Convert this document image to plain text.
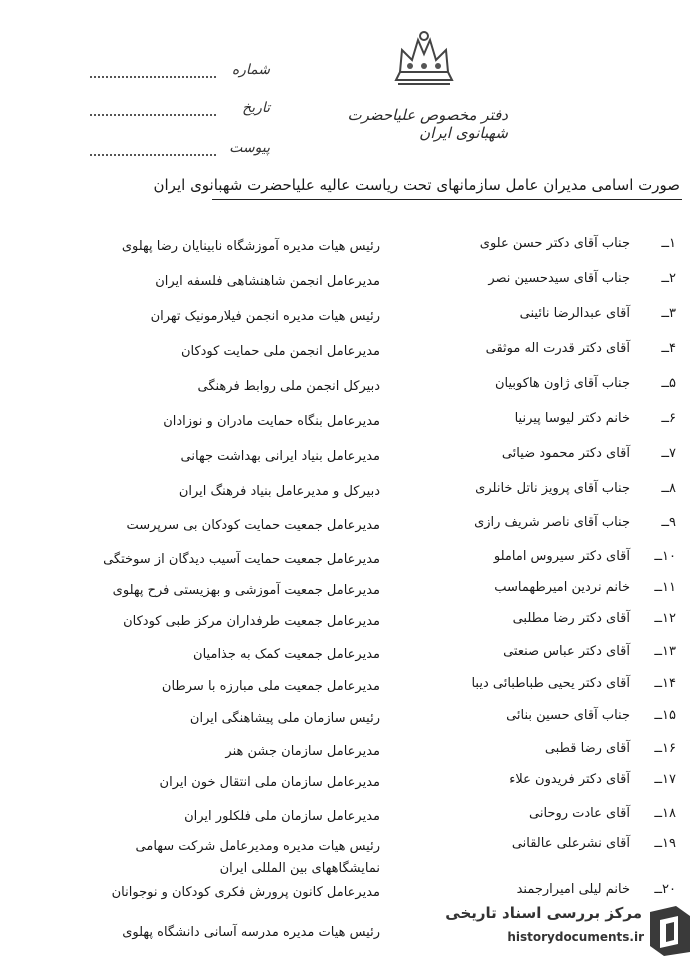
دفتر مخصوص علیاحضرت شهبانوی ایران
شماره
تاریخ
پیوست
صورت اسامی مدیران عامل سازمانهای تحت ریاست عالیه علیاحضرت شهبانوی ایران
۱ــ
جناب آقای دکتر حسن علوی
رئیس هیات مدیره آموزشگاه نابینایان رضا پهلوی
۲ــ
جناب آقای سیدحسین نصر
مدیرعامل انجمن شاهنشاهی فلسفه ایران
۳ــ
آقای عبدالرضا نائینی
رئیس هیات مدیره انجمن فیلارمونیک تهران
۴ــ
آقای دکتر قدرت اله موثقی
مدیرعامل انجمن ملی حمایت کودکان
۵ــ
جناب آقای ژاون هاکوبیان
دبیرکل انجمن ملی روابط فرهنگی
۶ــ
خانم دکتر لیوسا پیرنیا
مدیرعامل بنگاه حمایت مادران و نوزادان
۷ــ
آقای دکتر محمود ضیائی
مدیرعامل بنیاد ایرانی بهداشت جهانی
۸ــ
جناب آقای پرویز ناتل خانلری
دبیرکل و مدیرعامل بنیاد فرهنگ ایران
۹ــ
جناب آقای ناصر شریف رازی
مدیرعامل جمعیت حمایت کودکان بی سرپرست
۱۰ــ
آقای دکتر سیروس اماملو
مدیرعامل جمعیت حمایت آسیب دیدگان از سوختگی
۱۱ــ
خانم نردین امیرطهماسب
مدیرعامل جمعیت آموزشی و بهزیستی فرح پهلوی
۱۲ــ
آقای دکتر رضا مطلبی
مدیرعامل جمعیت طرفداران مرکز طبی کودکان
۱۳ــ
آقای دکتر عباس صنعتی
مدیرعامل جمعیت کمک به جذامیان
۱۴ــ
آقای دکتر یحیی طباطبائی دیبا
مدیرعامل جمعیت ملی مبارزه با سرطان
۱۵ــ
جناب آقای حسین بنائی
رئیس سازمان ملی پیشاهنگی ایران
۱۶ــ
آقای رضا قطبی
مدیرعامل سازمان جشن هنر
۱۷ــ
آقای دکتر فریدون علاء
مدیرعامل سازمان ملی انتقال خون ایران
۱۸ــ
آقای عادت روحانی
مدیرعامل سازمان ملی فلکلور ایران
۱۹ــ
آقای نشرعلی عالقانی
رئیس هیات مدیره ومدیرعامل شرکت سهامی نمایشگاههای بین المللی ایران
۲۰ــ
خانم لیلی امیرارجمند
مدیرعامل کانون پرورش فکری کودکان و نوجوانان
رئیس هیات مدیره مدرسه آسانی دانشگاه پهلوی
مرکز بررسی اسناد تاریخی
historydocuments.ir
